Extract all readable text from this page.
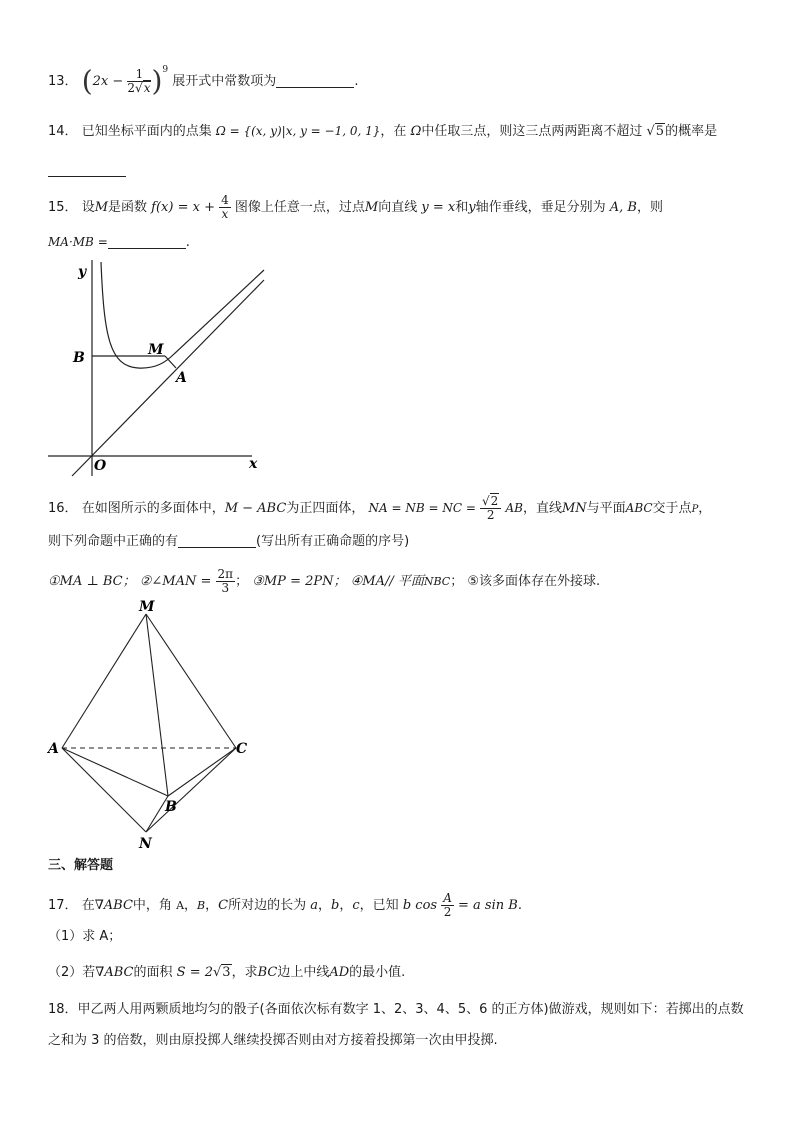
13． $(2x - \frac{1}{2√x} )^9$ 展开式中常数项为	.
14． 已知坐标平面内的点集 Ω = {(x, y)|x, y = −1, 0, 1}，在 Ω中任取三点，则这三点两两距离不超过 √5的概率是
15． 设M是函数 $f(x) = x + \frac{4}{x}$ 图像上任意一点，过点M向直线 y = x和y轴作垂线，垂足分别为 A, B，则
MA·MB =	.
y
x
O
B	M
A
16． 在如图所示的多面体中，M − ABC为正四面体， NA = NB = NC = $\frac{√2}{2}$ AB，直线MN与平面ABC交于点P，
则下列命题中正确的有	(写出所有正确命题的序号)
①MA ⊥ BC； ②∠MAN = $\frac{2\pi}{3}$ ； ③MP = 2PN； ④MA// 平面NBC； ⑤该多面体存在外接球.
M
A	C
B
N
三、解答题
17． 在∇ABC中，角 A，B，C所对边的长为 a，b，c，已知 b $\cos \frac{A}{2} = a$ sin B.
（1）求 A；
（2）若∇ABC的面积 S = 2√3，求BC边上中线AD的最小值.
18．甲乙两人用两颗质地均匀的骰子(各面依次标有数字 1、2、3、4、5、6 的正方体)做游戏，规则如下：若掷出的点数
之和为 3 的倍数，则由原投掷人继续投掷否则由对方接着投掷第一次由甲投掷.
